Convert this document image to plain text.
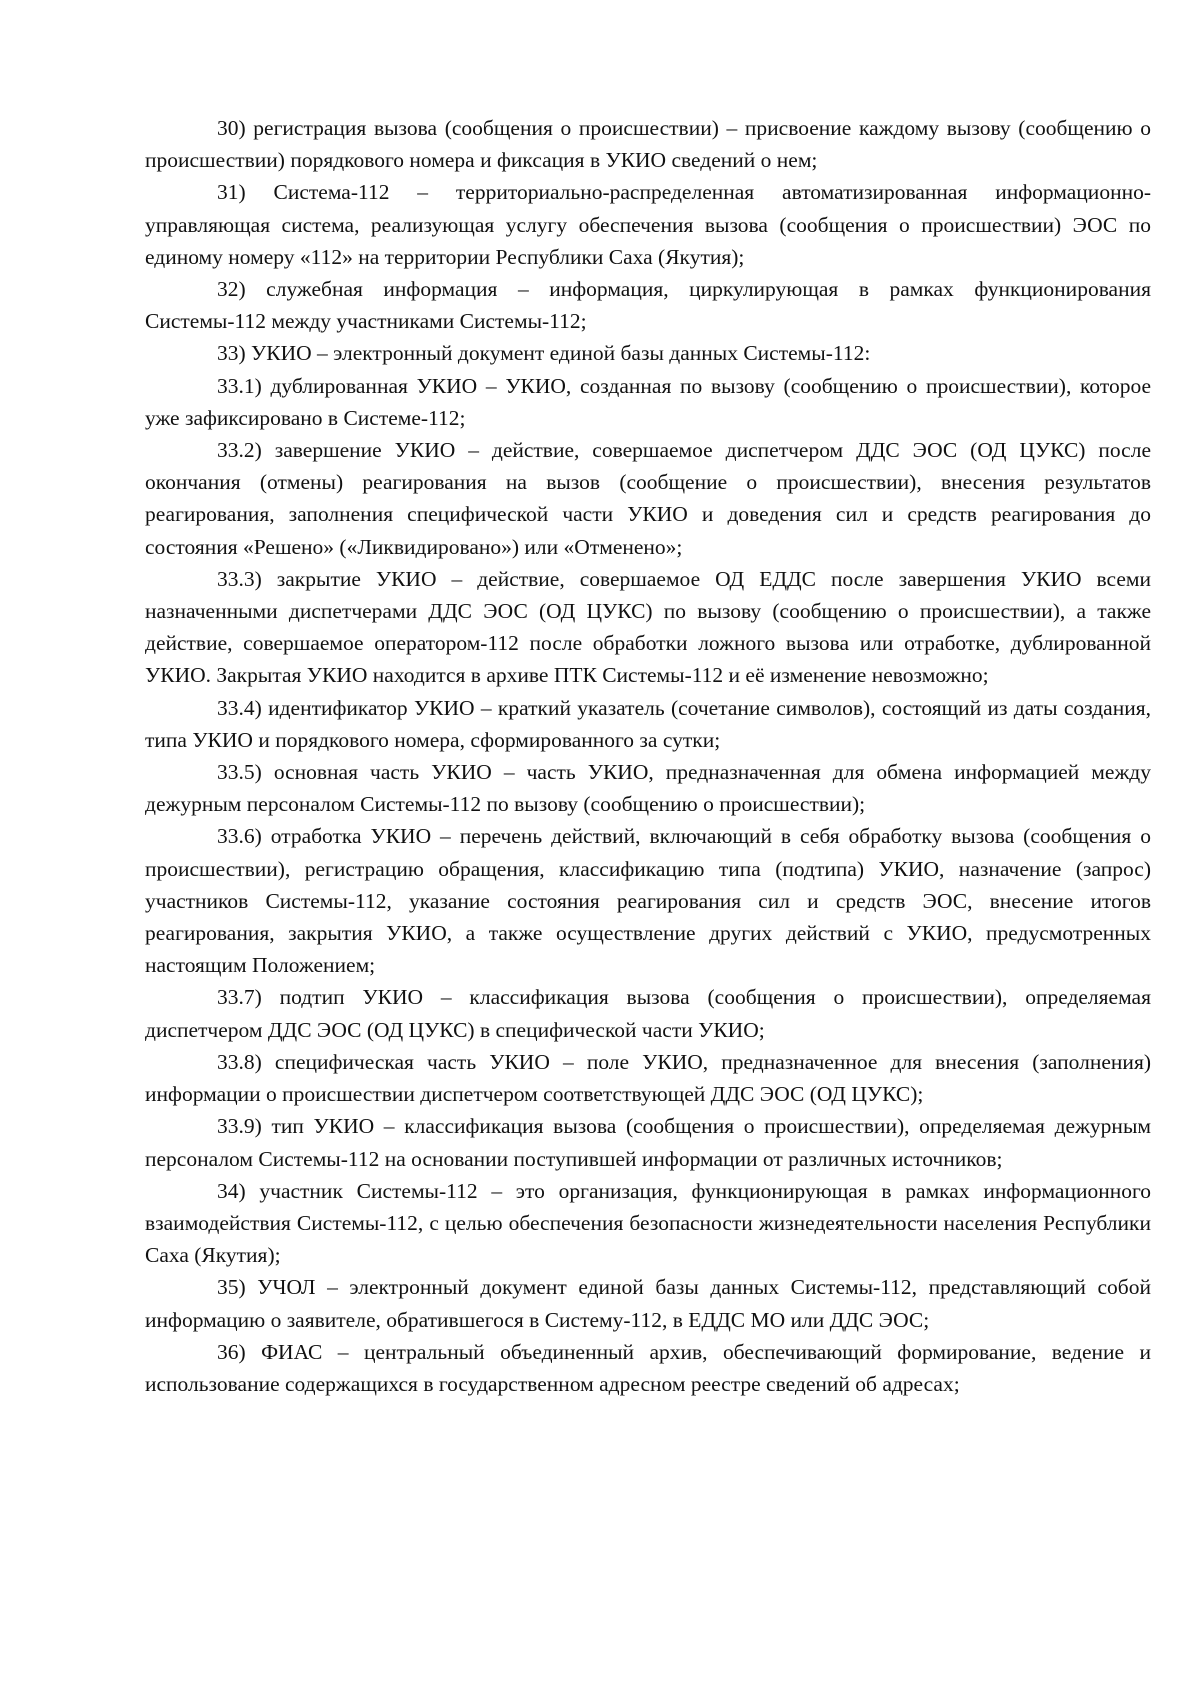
30) регистрация вызова (сообщения о происшествии) – присвоение каждому вызову (сообщению о происшествии) порядкового номера и фиксация в УКИО сведений о нем;

31) Система-112 – территориально-распределенная автоматизированная информационно-управляющая система, реализующая услугу обеспечения вызова (сообщения о происшествии) ЭОС по единому номеру «112» на территории Республики Саха (Якутия);

32) служебная информация – информация, циркулирующая в рамках функционирования Системы-112 между участниками Системы-112;

33) УКИО – электронный документ единой базы данных Системы-112:

33.1) дублированная УКИО – УКИО, созданная по вызову (сообщению о происшествии), которое уже зафиксировано в Системе-112;

33.2) завершение УКИО – действие, совершаемое диспетчером ДДС ЭОС (ОД ЦУКС) после окончания (отмены) реагирования на вызов (сообщение о происшествии), внесения результатов реагирования, заполнения специфической части УКИО и доведения сил и средств реагирования до состояния «Решено» («Ликвидировано») или «Отменено»;

33.3) закрытие УКИО – действие, совершаемое ОД ЕДДС после завершения УКИО всеми назначенными диспетчерами ДДС ЭОС (ОД ЦУКС) по вызову (сообщению о происшествии), а также действие, совершаемое оператором-112 после обработки ложного вызова или отработке, дублированной УКИО. Закрытая УКИО находится в архиве ПТК Системы-112 и её изменение невозможно;

33.4) идентификатор УКИО – краткий указатель (сочетание символов), состоящий из даты создания, типа УКИО и порядкового номера, сформированного за сутки;

33.5) основная часть УКИО – часть УКИО, предназначенная для обмена информацией между дежурным персоналом Системы-112 по вызову (сообщению о происшествии);

33.6) отработка УКИО – перечень действий, включающий в себя обработку вызова (сообщения о происшествии), регистрацию обращения, классификацию типа (подтипа) УКИО, назначение (запрос) участников Системы-112, указание состояния реагирования сил и средств ЭОС, внесение итогов реагирования, закрытия УКИО, а также осуществление других действий с УКИО, предусмотренных настоящим Положением;

33.7) подтип УКИО – классификация вызова (сообщения о происшествии), определяемая диспетчером ДДС ЭОС (ОД ЦУКС) в специфической части УКИО;

33.8) специфическая часть УКИО – поле УКИО, предназначенное для внесения (заполнения) информации о происшествии диспетчером соответствующей ДДС ЭОС (ОД ЦУКС);

33.9) тип УКИО – классификация вызова (сообщения о происшествии), определяемая дежурным персоналом Системы-112 на основании поступившей информации от различных источников;

34) участник Системы-112 – это организация, функционирующая в рамках информационного взаимодействия Системы-112, с целью обеспечения безопасности жизнедеятельности населения Республики Саха (Якутия);

35) УЧОЛ – электронный документ единой базы данных Системы-112, представляющий собой информацию о заявителе, обратившегося в Систему-112, в ЕДДС МО или ДДС ЭОС;

36) ФИАС – центральный объединенный архив, обеспечивающий формирование, ведение и использование содержащихся в государственном адресном реестре сведений об адресах;
